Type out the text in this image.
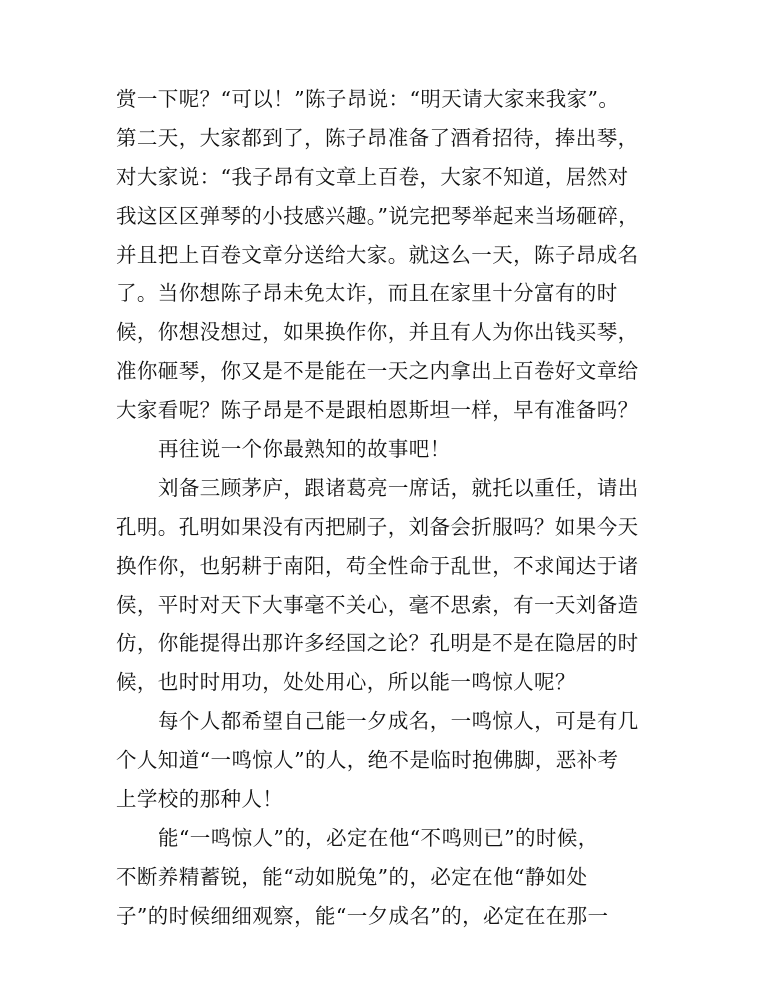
赏一下呢？“可以！”陈子昂说：“明天请大家来我家”。
第二天，大家都到了，陈子昂准备了酒肴招待，捧出琴，
对大家说：“我子昂有文章上百卷，大家不知道，居然对
我这区区弹琴的小技感兴趣。”说完把琴举起来当场砸碎，
并且把上百卷文章分送给大家。就这么一天，陈子昂成名
了。当你想陈子昂未免太诈，而且在家里十分富有的时
候，你想没想过，如果换作你，并且有人为你出钱买琴，
准你砸琴，你又是不是能在一天之内拿出上百卷好文章给
大家看呢？陈子昂是不是跟柏恩斯坦一样，早有准备吗？
再往说一个你最熟知的故事吧！
刘备三顾茅庐，跟诸葛亮一席话，就托以重任，请出
孔明。孔明如果没有丙把刷子，刘备会折服吗？如果今天
换作你，也躬耕于南阳，苟全性命于乱世，不求闻达于诸
侯，平时对天下大事毫不关心，毫不思索，有一天刘备造
仿，你能提得出那许多经国之论？孔明是不是在隐居的时
候，也时时用功，处处用心，所以能一鸣惊人呢？
每个人都希望自己能一夕成名，一鸣惊人，可是有几
个人知道“一鸣惊人”的人，绝不是临时抱佛脚，恶补考
上学校的那种人！
能“一鸣惊人”的，必定在他“不鸣则已”的时候，
不断养精蓄锐，能“动如脱兔”的，必定在他“静如处
子”的时候细细观察，能“一夕成名”的，必定在在那一
